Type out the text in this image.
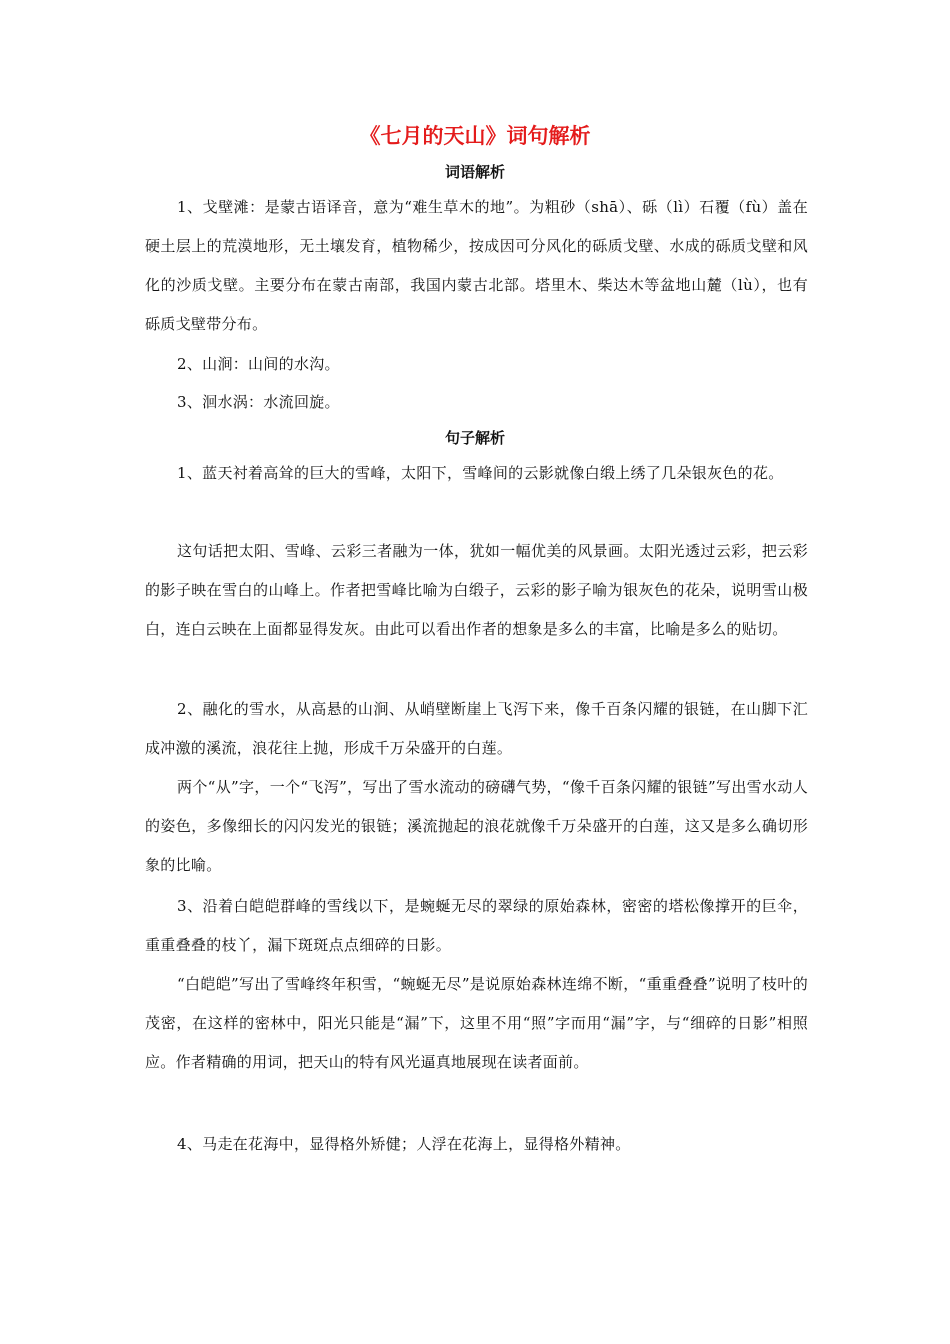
《七月的天山》词句解析
词语解析

1、戈壁滩：是蒙古语译音，意为“难生草木的地”。为粗砂（shā）、砾（lì）石覆（fù）盖在硬土层上的荒漠地形，无土壤发育，植物稀少，按成因可分风化的砾质戈壁、水成的砾质戈壁和风化的沙质戈壁。主要分布在蒙古南部，我国内蒙古北部。塔里木、柴达木等盆地山麓（lù），也有砾质戈壁带分布。

2、山涧：山间的水沟。

3、洄水涡：水流回旋。

句子解析

1、蓝天衬着高耸的巨大的雪峰，太阳下，雪峰间的云影就像白缎上绣了几朵银灰色的花。

这句话把太阳、雪峰、云彩三者融为一体，犹如一幅优美的风景画。太阳光透过云彩，把云彩的影子映在雪白的山峰上。作者把雪峰比喻为白缎子，云彩的影子喻为银灰色的花朵，说明雪山极白，连白云映在上面都显得发灰。由此可以看出作者的想象是多么的丰富，比喻是多么的贴切。

2、融化的雪水，从高悬的山涧、从峭壁断崖上飞泻下来，像千百条闪耀的银链，在山脚下汇成冲激的溪流，浪花往上抛，形成千万朵盛开的白莲。

两个“从”字，一个“飞泻”，写出了雪水流动的磅礴气势，“像千百条闪耀的银链”写出雪水动人的姿色，多像细长的闪闪发光的银链；溪流抛起的浪花就像千万朵盛开的白莲，这又是多么确切形象的比喻。

3、沿着白皑皑群峰的雪线以下，是蜿蜒无尽的翠绿的原始森林，密密的塔松像撑开的巨伞，重重叠叠的枝丫，漏下斑斑点点细碎的日影。

“白皑皑”写出了雪峰终年积雪，“蜿蜒无尽”是说原始森林连绵不断，“重重叠叠”说明了枝叶的茂密，在这样的密林中，阳光只能是“漏”下，这里不用“照”字而用“漏”字，与“细碎的日影”相照应。作者精确的用词，把天山的特有风光逼真地展现在读者面前。

4、马走在花海中，显得格外矫健；人浮在花海上，显得格外精神。
